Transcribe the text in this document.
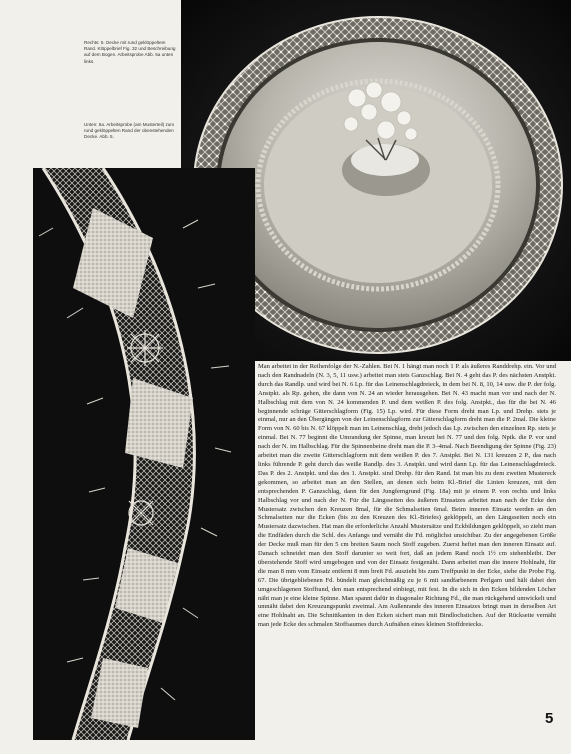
Rechts: 5. Decke mit rund geklöppeltem Rand. Klöppelbrief Fig. 32 und Beschreibung auf dem Bogen. Arbeitsprobe Abb. 5a unten links.
Unten: 5a. Arbeitsprobe (am Musterteil) zum rund geklöppelten Rand der obenstehenden Decke. Abb. 5.

Man arbeitet in der Reihenfolge der N.-Zahlen. Bei N. 1 hängt man noch 1 P. als äußeres Randdrehp. ein. Vor und nach den Randnadeln (N. 3, 5, 11 usw.) arbeitet man stets Ganzschlag. Bei N. 4 geht das P. des nächsten Anstpkt. durch das Randlp. und wird bei N. 6 Lp. für das Leinenschlagdreieck, in dem bei N. 8, 10, 14 usw. die P. der folg. Anstpkt. als Rp. gehen, die dann von N. 24 an wieder herausgehen. Bei N. 43 macht man vor und nach der N. Halbschlag mit dem von N. 24 kommenden P. und dem weißen P. des folg. Anstpkt., das für die bei N. 46 beginnende schräge Gitterschlagform (Fig. 15) Lp. wird. Für diese Form dreht man Lp. und Drehp. stets je einmal, nur an den Übergängen von der Leinenschlagform zur Gitterschlagform dreht man die P. 2mal. Die kleine Form von N. 60 bis N. 67 klöppelt man im Leinenschlag, dreht jedoch das Lp. zwischen den einzelnen Rp. stets je einmal. Bei N. 77 beginnt die Umrandung der Spinne, man kreuzt bei N. 77 und den folg. Nptk. die P. vor und nach der N. im Halbschlag. Für die Spinnenbeine dreht man die P. 3–4mal. Nach Beendigung der Spinne (Fig. 23) arbeitet man die zweite Gitterschlagform mit dem weißen P. des 7. Anstpkt. Bei N. 131 kreuzen 2 P., das nach links führende P. geht durch das weiße Randlp. des 3. Anstpkt. und wird dann Lp. für das Leinenschlagdreieck. Das P. des 2. Anstpkt. und das des 1. Anstpkt. sind Drehp. für den Rand. Ist man bis zu dem zweiten Mustereck gekommen, so arbeitet man an den Stellen, an denen sich beim Kl.-Brief die Linien kreuzen, mit den entsprechenden P. Ganzschlag, dann für den Jungferngrund (Fig. 18a) mit je einem P. von rechts und links Halbschlag vor und nach der N. Für die Längsseiten des äußeren Einsatzes arbeitet man nach der Ecke den Mustersatz zwischen den Kreuzen 8mal, für die Schmalseiten 6mal. Beim inneren Einsatz werden an den Schmalseiten nur die Ecken (bis zu den Kreuzen des Kl.-Briefes) geklöppelt, an den Längsseiten noch ein Mustersatz dazwischen. Hat man die erforderliche Anzahl Mustersätze und Eckbildungen geklöppelt, so zieht man die Endfäden durch die Schl. des Anfangs und vernäht die Fd. möglichst unsichtbar. Zu der angegebenen Größe der Decke muß man für den 5 cm breiten Saum noch Stoff zugeben. Zuerst heftet man den inneren Einsatz auf. Danach schneidet man den Stoff darunter so weit fort, daß an jedem Rand noch 1½ cm stehenbleibt. Der überstehende Stoff wird umgebogen und von der Einsatz festgenäht. Dann arbeitet man die innere Hohlnaht, für die man 8 mm vom Einsatz entfernt 8 mm breit Fd. auszieht bis zum Treffpunkt in der Ecke, siehe die Probe Fig. 67. Die übrigebliebenen Fd. bündelt man gleichmäßig zu je 6 mit sandfarbenem Perlgarn und hält dabei den umgeschlagenen Stoffrand, den man entsprechend einbiegt, mit fest. In die sich in den Ecken bildenden Löcher näht man je eine kleine Spinne. Man spannt dafür in diagonaler Richtung Fd., die man rückgehend umwickelt und umnäht dabei den Kreuzungspunkt zweimal. Am Außenrande des inneren Einsatzes bringt man in derselben Art eine Hohlnaht an. Die Schnittkanten in den Ecken sichert man mit Bindlochstichen. Auf der Rückseite vernäht man jede Ecke des schmalen Stoffsaumes durch Aufnähen eines kleinen Stoffdreiecks.

5
